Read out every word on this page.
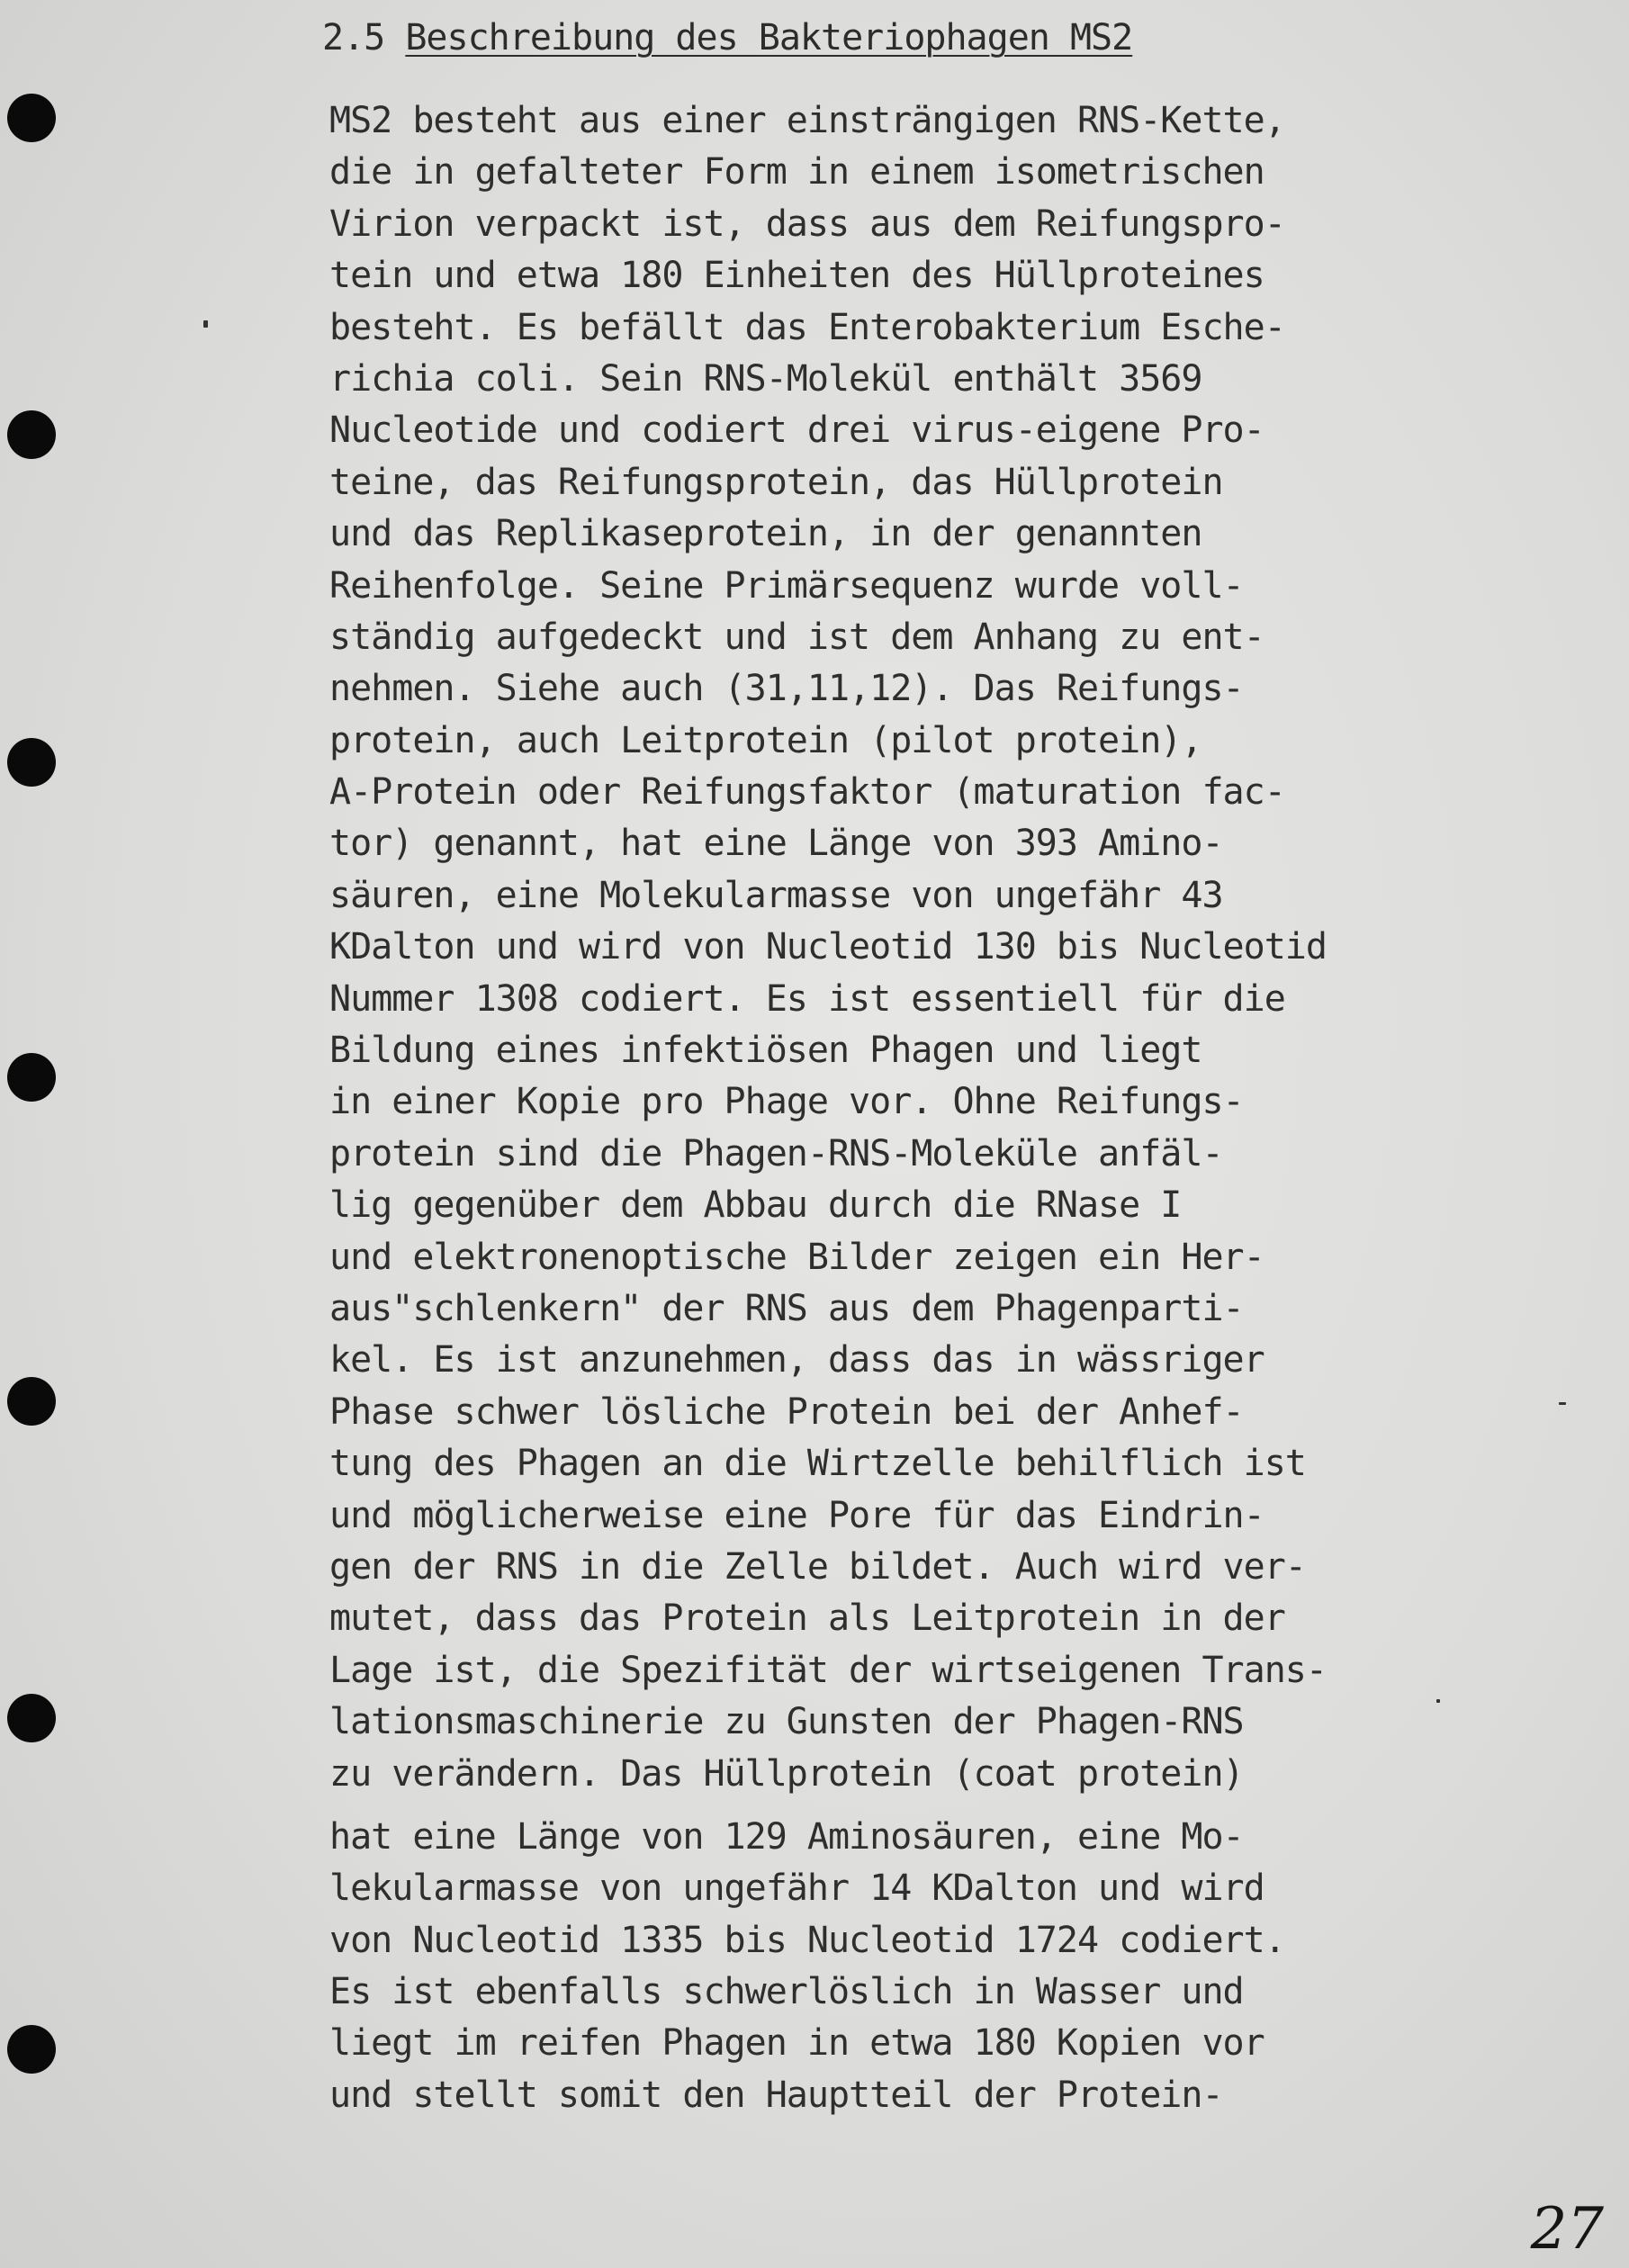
2.5 Beschreibung des Bakteriophagen MS2
MS2 besteht aus einer einsträngigen RNS-Kette,
die in gefalteter Form in einem isometrischen
Virion verpackt ist, dass aus dem Reifungspro-
tein und etwa 180 Einheiten des Hüllproteines
besteht. Es befällt das Enterobakterium Esche-
richia coli. Sein RNS-Molekül enthält 3569
Nucleotide und codiert drei virus-eigene Pro-
teine, das Reifungsprotein, das Hüllprotein
und das Replikaseprotein, in der genannten
Reihenfolge. Seine Primärsequenz wurde voll-
ständig aufgedeckt und ist dem Anhang zu ent-
nehmen. Siehe auch (31,11,12). Das Reifungs-
protein, auch Leitprotein (pilot protein),
A-Protein oder Reifungsfaktor (maturation fac-
tor) genannt, hat eine Länge von 393 Amino-
säuren, eine Molekularmasse von ungefähr 43
KDalton und wird von Nucleotid 130 bis Nucleotid
Nummer 1308 codiert. Es ist essentiell für die
Bildung eines infektiösen Phagen und liegt
in einer Kopie pro Phage vor. Ohne Reifungs-
protein sind die Phagen-RNS-Moleküle anfäl-
lig gegenüber dem Abbau durch die RNase I
und elektronenoptische Bilder zeigen ein Her-
aus"schlenkern" der RNS aus dem Phagenparti-
kel. Es ist anzunehmen, dass das in wässriger
Phase schwer lösliche Protein bei der Anhef-
tung des Phagen an die Wirtzelle behilflich ist
und möglicherweise eine Pore für das Eindrin-
gen der RNS in die Zelle bildet. Auch wird ver-
mutet, dass das Protein als Leitprotein in der
Lage ist, die Spezifität der wirtseigenen Trans-
lationsmaschinerie zu Gunsten der Phagen-RNS
zu verändern. Das Hüllprotein (coat protein)
hat eine Länge von 129 Aminosäuren, eine Mo-
lekularmasse von ungefähr 14 KDalton und wird
von Nucleotid 1335 bis Nucleotid 1724 codiert.
Es ist ebenfalls schwerlöslich in Wasser und
liegt im reifen Phagen in etwa 180 Kopien vor
und stellt somit den Hauptteil der Protein-
27
